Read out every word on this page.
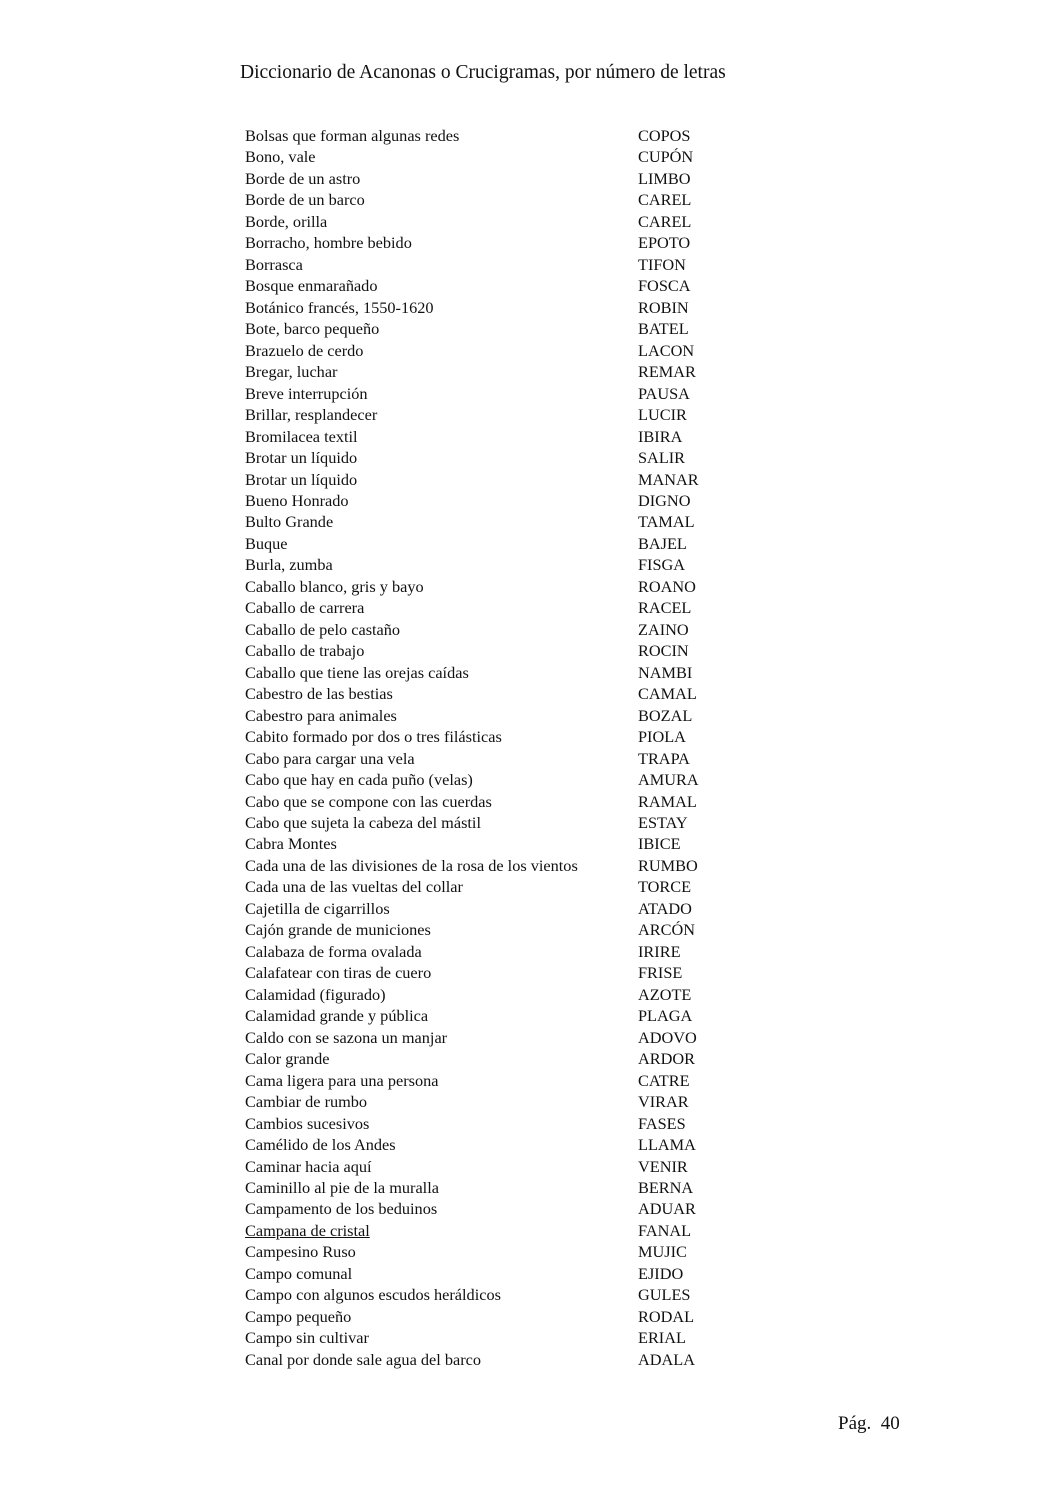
Diccionario de Acanonas o Crucigramas, por número de letras
Bolsas que forman algunas redes	COPOS
Bono, vale	CUPÓN
Borde de un astro	LIMBO
Borde de un barco	CAREL
Borde, orilla	CAREL
Borracho, hombre bebido	EPOTO
Borrasca	TIFON
Bosque enmarañado	FOSCA
Botánico francés, 1550-1620	ROBIN
Bote, barco pequeño	BATEL
Brazuelo de cerdo	LACON
Bregar, luchar	REMAR
Breve interrupción	PAUSA
Brillar, resplandecer	LUCIR
Bromilacea textil	IBIRA
Brotar un líquido	SALIR
Brotar un líquido	MANAR
Bueno Honrado	DIGNO
Bulto Grande	TAMAL
Buque	BAJEL
Burla, zumba	FISGA
Caballo blanco, gris y bayo	ROANO
Caballo de carrera	RACEL
Caballo de pelo castaño	ZAINO
Caballo de trabajo	ROCIN
Caballo que tiene las orejas caídas	NAMBI
Cabestro de las bestias	CAMAL
Cabestro para animales	BOZAL
Cabito formado por dos o tres filásticas	PIOLA
Cabo para cargar una vela	TRAPA
Cabo que hay en cada puño (velas)	AMURA
Cabo que se compone con las cuerdas	RAMAL
Cabo que sujeta la cabeza del mástil	ESTAY
Cabra Montes	IBICE
Cada una de las divisiones de la rosa de los vientos	RUMBO
Cada una de las vueltas del collar	TORCE
Cajetilla de cigarrillos	ATADO
Cajón grande de municiones	ARCÓN
Calabaza de forma ovalada	IRIRE
Calafatear con tiras de cuero	FRISE
Calamidad (figurado)	AZOTE
Calamidad grande y pública	PLAGA
Caldo con se sazona un manjar	ADOVO
Calor grande	ARDOR
Cama ligera para una persona	CATRE
Cambiar de rumbo	VIRAR
Cambios sucesivos	FASES
Camélido de los Andes	LLAMA
Caminar hacia aquí	VENIR
Caminillo al pie de la muralla	BERNA
Campamento de los beduinos	ADUAR
Campana de cristal	FANAL
Campesino Ruso	MUJIC
Campo comunal	EJIDO
Campo con algunos escudos heráldicos	GULES
Campo pequeño	RODAL
Campo sin cultivar	ERIAL
Canal por donde sale agua del barco	ADALA
Pág.  40
